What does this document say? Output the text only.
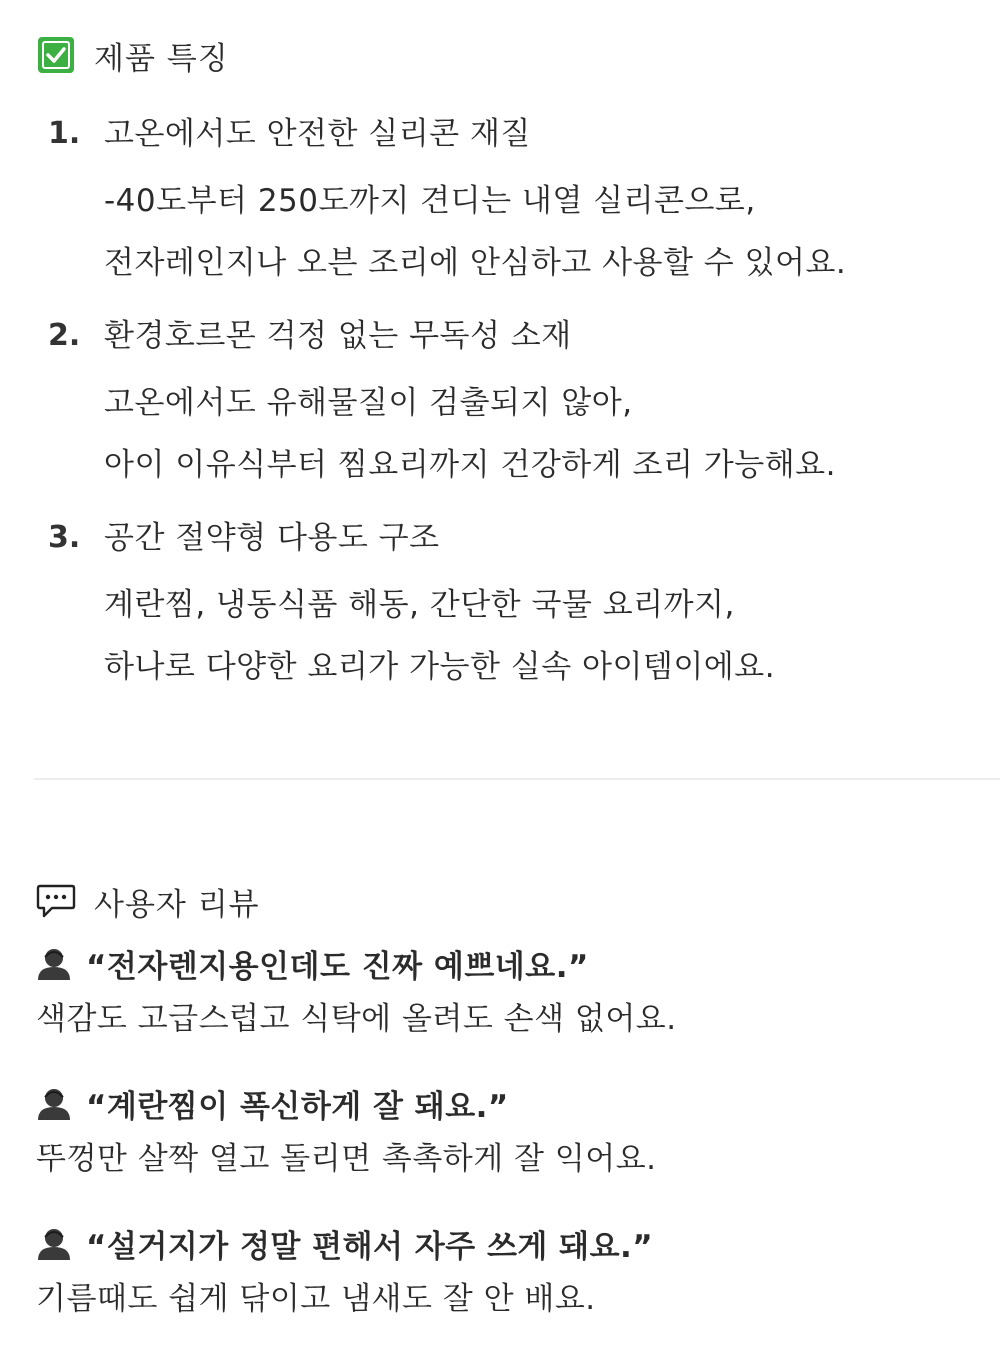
제품 특징
1. 고온에서도 안전한 실리콘 재질
-40도부터 250도까지 견디는 내열 실리콘으로,
전자레인지나 오븐 조리에 안심하고 사용할 수 있어요.
2. 환경호르몬 걱정 없는 무독성 소재
고온에서도 유해물질이 검출되지 않아,
아이 이유식부터 찜요리까지 건강하게 조리 가능해요.
3. 공간 절약형 다용도 구조
계란찜, 냉동식품 해동, 간단한 국물 요리까지,
하나로 다양한 요리가 가능한 실속 아이템이에요.
사용자 리뷰
“전자렌지용인데도 진짜 예쁘네요.”
색감도 고급스럽고 식탁에 올려도 손색 없어요.
“계란찜이 폭신하게 잘 돼요.”
뚜껑만 살짝 열고 돌리면 촉촉하게 잘 익어요.
“설거지가 정말 편해서 자주 쓰게 돼요.”
기름때도 쉽게 닦이고 냄새도 잘 안 배요.
